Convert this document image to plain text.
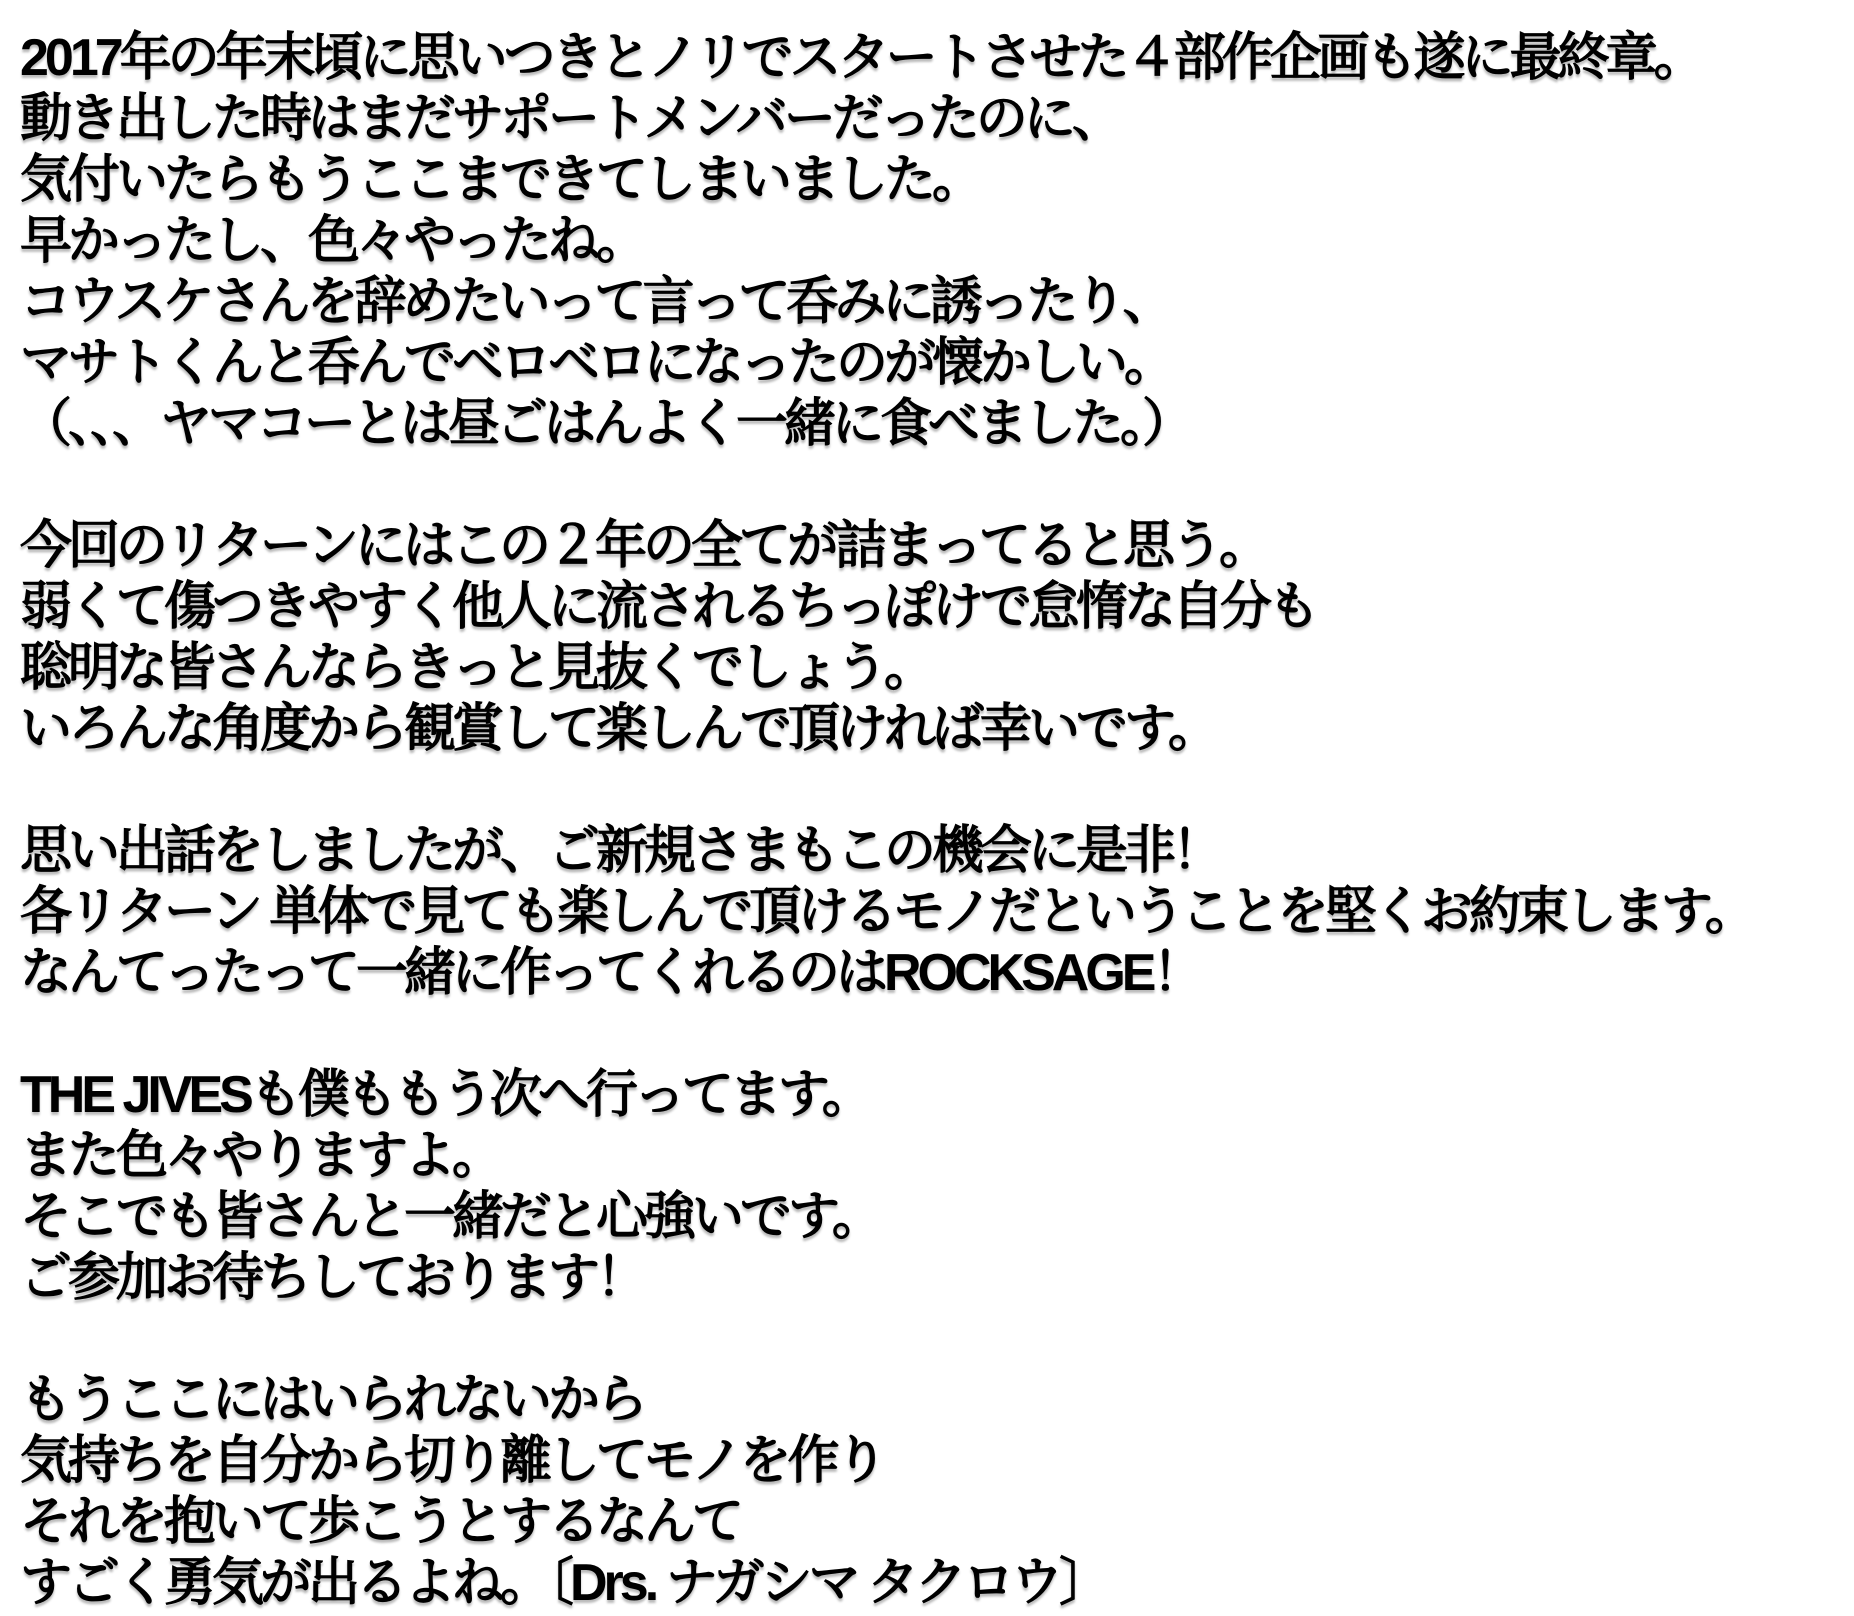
2017年の年末頃に思いつきとノリでスタートさせた４部作企画も遂に最終章。
動き出した時はまだサポートメンバーだったのに、
気付いたらもうここまできてしまいました。
早かったし、色々やったね。
コウスケさんを辞めたいって言って呑みに誘ったり、
マサトくんと呑んでベロベロになったのが懐かしい。
（、、、ヤマコーとは昼ごはんよく一緒に食べました。）
今回のリターンにはこの２年の全てが詰まってると思う。
弱くて傷つきやすく他人に流されるちっぽけで怠惰な自分も
聡明な皆さんならきっと見抜くでしょう。
いろんな角度から観賞して楽しんで頂ければ幸いです。
思い出話をしましたが、ご新規さまもこの機会に是非！
各リターン 単体で見ても楽しんで頂けるモノだということを堅くお約束します。
なんてったって一緒に作ってくれるのはROCKSAGE！
THE JIVESも僕ももう次へ行ってます。
また色々やりますよ。
そこでも皆さんと一緒だと心強いです。
ご参加お待ちしております！
もうここにはいられないから
気持ちを自分から切り離してモノを作り
それを抱いて歩こうとするなんて
すごく勇気が出るよね。〔Drs. ナガシマ タクロウ〕
